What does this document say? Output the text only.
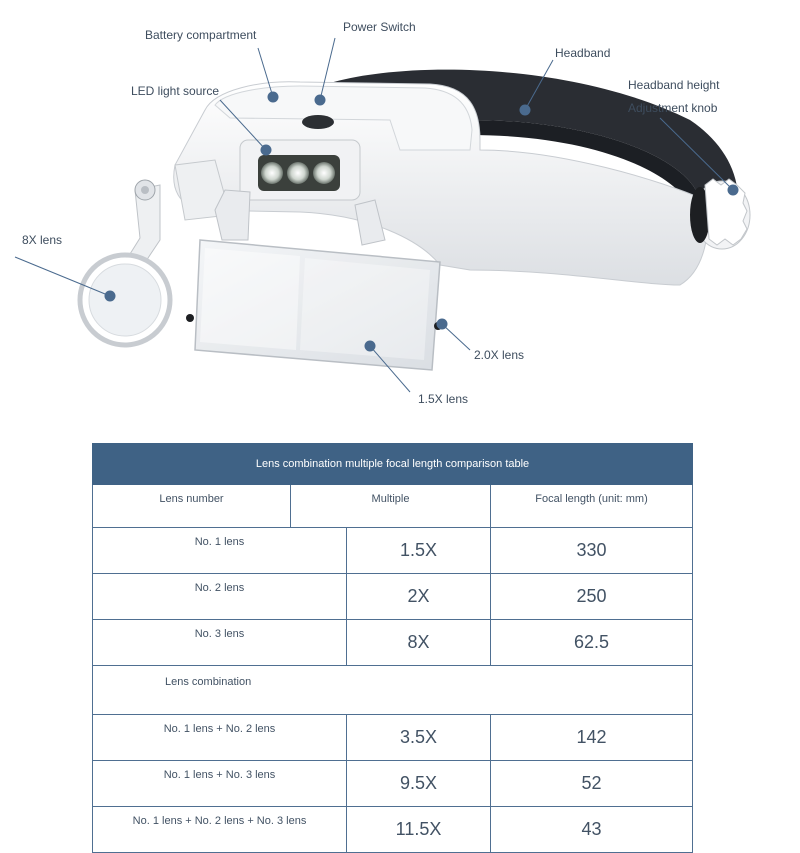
Battery compartment
Power Switch
Headband
Headband height
Adjustment knob
LED light source
8X lens
2.0X lens
1.5X lens
Lens combination multiple focal length comparison table			
Lens number	Multiple		Focal length (unit: mm)
No. 1 lens		1.5X	330
No. 2 lens		2X	250
No. 3 lens		8X	62.5
Lens combination			
No. 1 lens + No. 2 lens		3.5X	142
No. 1 lens + No. 3 lens		9.5X	52
No. 1 lens + No. 2 lens + No. 3 lens		11.5X	43
